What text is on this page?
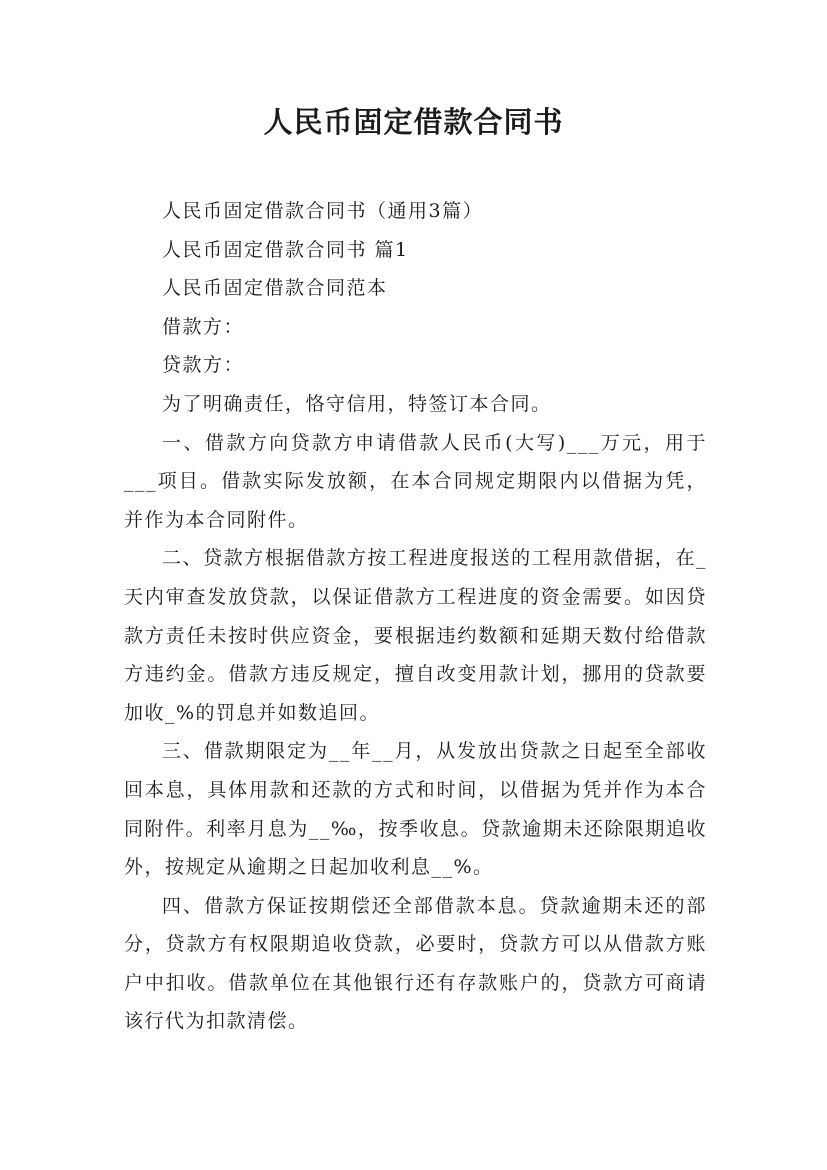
人民币固定借款合同书

人民币固定借款合同书（通用3篇）

人民币固定借款合同书 篇1

人民币固定借款合同范本

借款方：

贷款方：

为了明确责任，恪守信用，特签订本合同。

一、借款方向贷款方申请借款人民币(大写)___万元，用于___项目。借款实际发放额，在本合同规定期限内以借据为凭，并作为本合同附件。

二、贷款方根据借款方按工程进度报送的工程用款借据，在_天内审查发放贷款，以保证借款方工程进度的资金需要。如因贷款方责任未按时供应资金，要根据违约数额和延期天数付给借款方违约金。借款方违反规定，擅自改变用款计划，挪用的贷款要加收_%的罚息并如数追回。

三、借款期限定为__年__月，从发放出贷款之日起至全部收回本息，具体用款和还款的方式和时间，以借据为凭并作为本合同附件。利率月息为__‰，按季收息。贷款逾期未还除限期追收外，按规定从逾期之日起加收利息__%。

四、借款方保证按期偿还全部借款本息。贷款逾期未还的部分，贷款方有权限期追收贷款，必要时，贷款方可以从借款方账户中扣收。借款单位在其他银行还有存款账户的，贷款方可商请该行代为扣款清偿。
